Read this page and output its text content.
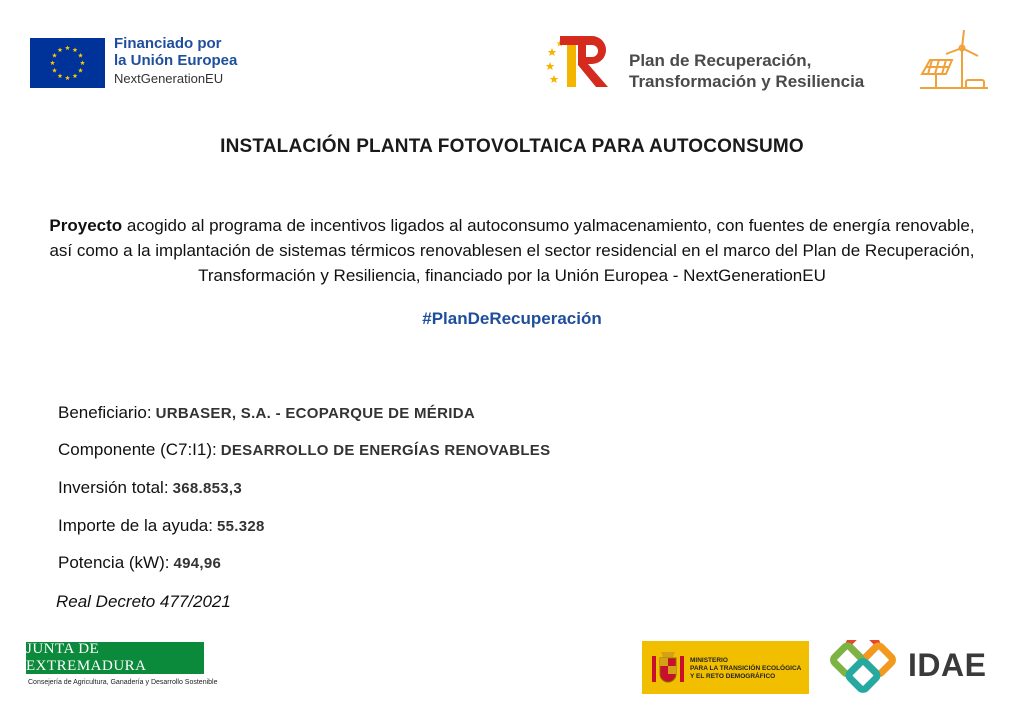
Financiado por
la Unión Europea
NextGenerationEU
Plan de Recuperación,
Transformación y Resiliencia
INSTALACIÓN PLANTA FOTOVOLTAICA PARA AUTOCONSUMO
Proyecto acogido al programa de incentivos ligados al autoconsumo yalmacenamiento, con fuentes de energía renovable, así como a la implantación de sistemas térmicos renovablesen el sector residencial en el marco del Plan de Recuperación, Transformación y Resiliencia, financiado por la Unión Europea - NextGenerationEU
#PlanDeRecuperación
Beneficiario: URBASER, S.A. - ECOPARQUE DE MÉRIDA
Componente (C7:I1): DESARROLLO DE ENERGÍAS RENOVABLES
Inversión total: 368.853,3
Importe de la ayuda: 55.328
Potencia (kW): 494,96
Real Decreto 477/2021
JUNTA DE EXTREMADURA
Consejería de Agricultura, Ganadería y Desarrollo Sostenible
MINISTERIO
PARA LA TRANSICIÓN ECOLÓGICA
Y EL RETO DEMOGRÁFICO	IDAE
